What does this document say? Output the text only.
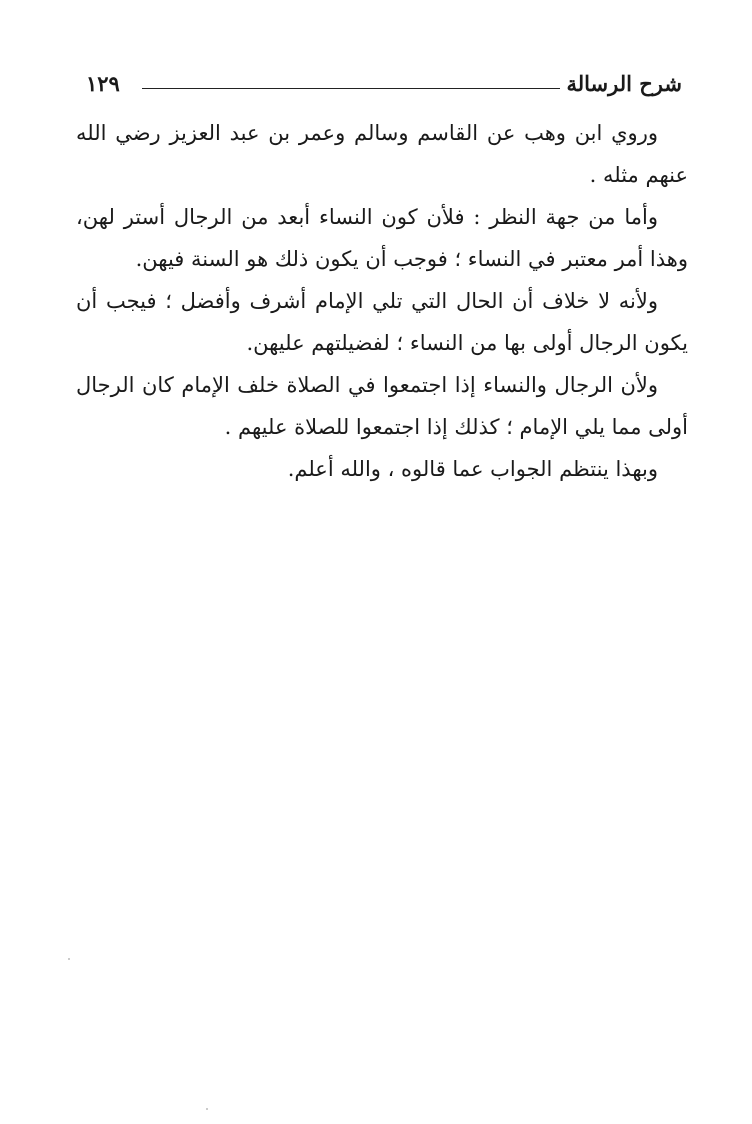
شرح الرسالة
١٢٩

وروي ابن وهب عن القاسم وسالم وعمر بن عبد العزيز رضي الله عنهم مثله .

وأما من جهة النظر : فلأن كون النساء أبعد من الرجال أستر لهن، وهذا أمر معتبر في النساء ؛ فوجب أن يكون ذلك هو السنة فيهن.

ولأنه لا خلاف أن الحال التي تلي الإمام أشرف وأفضل ؛ فيجب أن يكون الرجال أولى بها من النساء ؛ لفضيلتهم عليهن.

ولأن الرجال والنساء إذا اجتمعوا في الصلاة خلف الإمام كان الرجال أولى مما يلي الإمام ؛ كذلك إذا اجتمعوا للصلاة عليهم .

وبهذا ينتظم الجواب عما قالوه ، والله أعلم.
